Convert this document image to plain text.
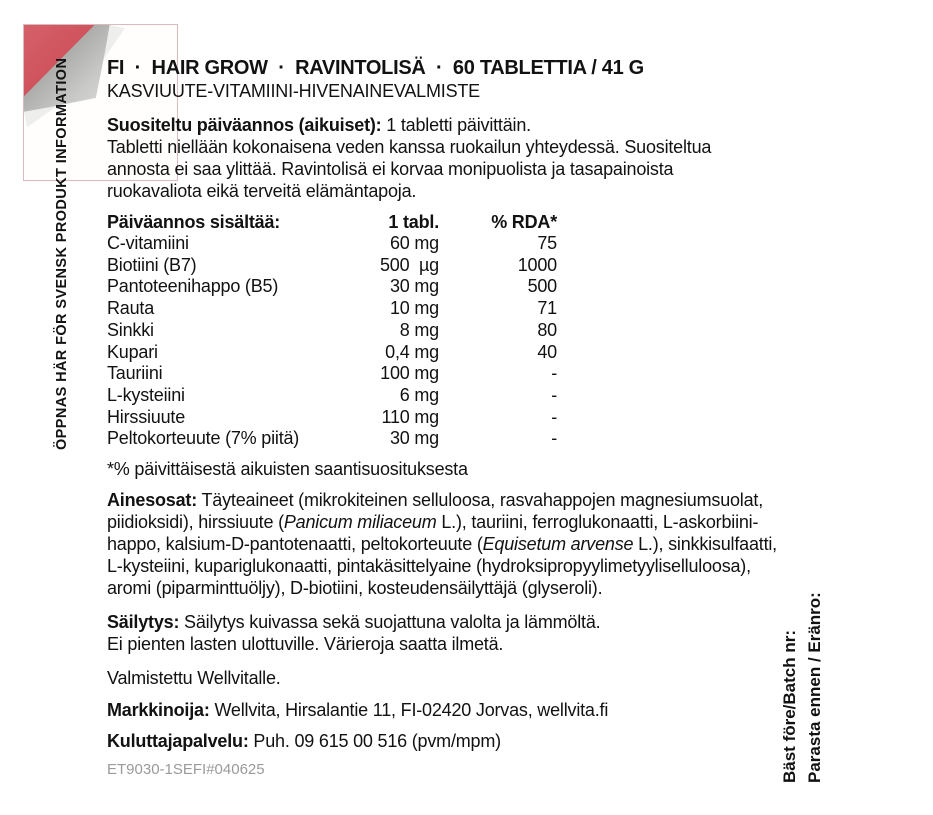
ÖPPNAS HÄR FÖR SVENSK PRODUKT INFORMATION
Bäst före/Batch nr: Parasta ennen / Eränro:
FI  ·  HAIR GROW  ·  RAVINTOLISÄ  ·  60 TABLETTIA / 41 G
KASVIUUTE-VITAMIINI-HIVENAINEVALMISTE
Suositeltu päiväannos (aikuiset): 1 tabletti päivittäin.
Tabletti niellään kokonaisena veden kanssa ruokailun yhteydessä. Suositeltua
annosta ei saa ylittää. Ravintolisä ei korvaa monipuolista ja tasapainoista
ruokavaliota eikä terveitä elämäntapoja.
Päiväannos sisältää:	1 tabl.	% RDA*
C-vitamiini	60 mg	75
Biotiini (B7)	500  µg	1000
Pantoteenihappo (B5)	30 mg	500
Rauta	10 mg	71
Sinkki	8 mg	80
Kupari	0,4 mg	40
Tauriini	100 mg	-
L-kysteiini	6 mg	-
Hirssiuute	110 mg	-
Peltokorteuute (7% piitä)	30 mg	-
*% päivittäisestä aikuisten saantisuosituksesta
Ainesosat: Täyteaineet (mikrokiteinen selluloosa, rasvahappojen magnesiumsuolat,
piidioksidi), hirssiuute (Panicum miliaceum L.), tauriini, ferroglukonaatti, L-askorbiini-
happo, kalsium-D-pantotenaatti, peltokorteuute (Equisetum arvense L.), sinkkisulfaatti,
L-kysteiini, kupariglukonaatti, pintakäsittelyaine (hydroksipropyylimetyyliselluloosa),
aromi (piparminttuöljy), D-biotiini, kosteudensäilyttäjä (glyseroli).
Säilytys: Säilytys kuivassa sekä suojattuna valolta ja lämmöltä.
Ei pienten lasten ulottuville. Värieroja saatta ilmetä.
Valmistettu Wellvitalle.
Markkinoija: Wellvita, Hirsalantie 11, FI-02420 Jorvas, wellvita.fi
Kuluttajapalvelu: Puh. 09 615 00 516 (pvm/mpm)
ET9030-1SEFI#040625
